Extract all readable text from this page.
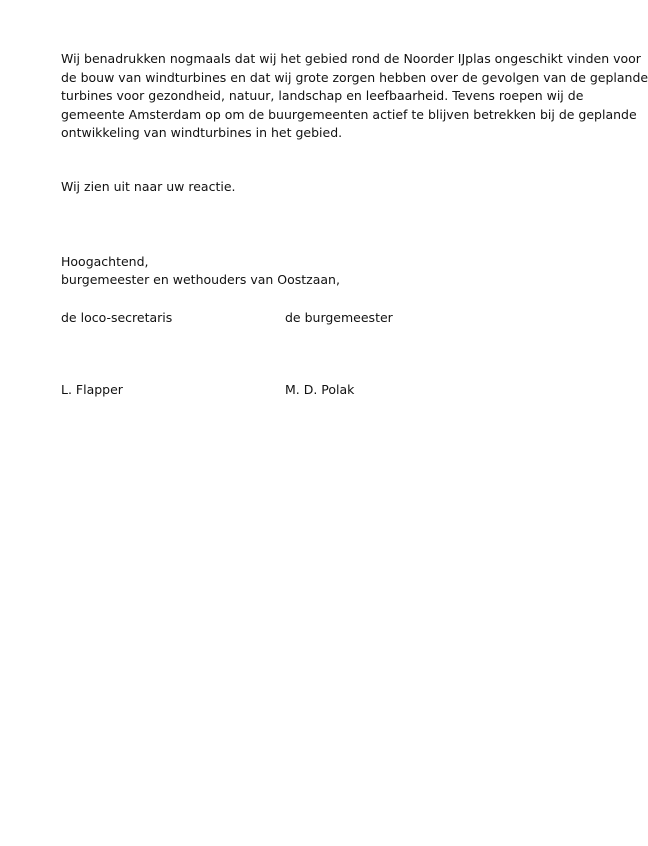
Wij benadrukken nogmaals dat wij het gebied rond de Noorder IJplas ongeschikt vinden voor
de bouw van windturbines en dat wij grote zorgen hebben over de gevolgen van de geplande
turbines voor gezondheid, natuur, landschap en leefbaarheid. Tevens roepen wij de
gemeente Amsterdam op om de buurgemeenten actief te blijven betrekken bij de geplande
ontwikkeling van windturbines in het gebied.

Wij zien uit naar uw reactie.

Hoogachtend,

burgemeester en wethouders van Oostzaan,

de loco-secretaris	de burgemeester

L. Flapper	M. D. Polak
